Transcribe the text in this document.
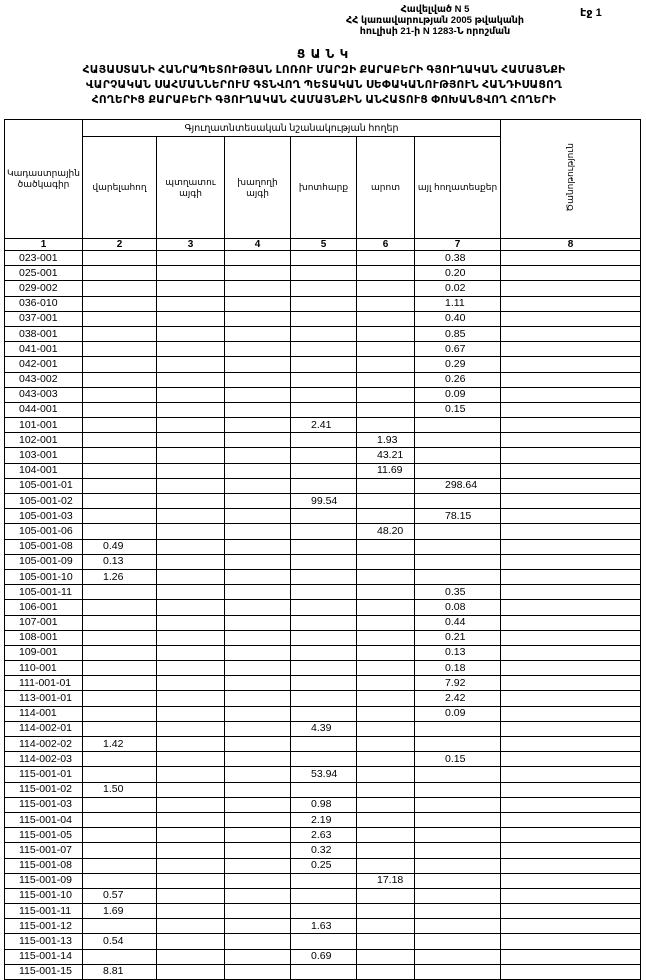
Հավելված N 5
ՀՀ կառավարության 2005 թվականի
հուլիսի 21-ի N 1283-Ն որոշման
էջ 1
Ց Ա Ն Կ
ՀԱՅԱՍՏԱՆԻ ՀԱՆՐԱՊԵՏՈՒԹՅԱՆ ԼՈՌՈՒ ՄԱՐԶԻ ՔԱՐԱԲԵՐԻ ԳՅՈՒՂԱԿԱՆ ՀԱՄԱՅՆՔԻ
ՎԱՐՉԱԿԱՆ ՍԱՀՄԱՆՆԵՐՈՒՄ ԳՏՆՎՈՂ ՊԵՏԱԿԱՆ ՍԵՓԱԿԱՆՈՒԹՅՈՒՆ ՀԱՆԴԻՍԱՑՈՂ
ՀՈՂԵՐԻՑ ՔԱՐԱԲԵՐԻ ԳՅՈՒՂԱԿԱՆ ՀԱՄԱՅՆՔԻՆ ԱՆՀԱՏՈՒՑ ՓՈԽԱՆՑՎՈՂ ՀՈՂԵՐԻ
Կադաստրային ծածկագիր	Գյուղատնտեսական նշանակության հողեր						Ծանոթություն
	վարելահող	պտղատու այգի	խաղողի այգի	խոտհարք	արոտ	այլ հողատեսքեր	
1	2	3	4	5	6	7	8
023-001						0.38	
025-001						0.20	
029-002						0.02	
036-010						1.11	
037-001						0.40	
038-001						0.85	
041-001						0.67	
042-001						0.29	
043-002						0.26	
043-003						0.09	
044-001						0.15	
101-001				2.41			
102-001					1.93		
103-001					43.21		
104-001					11.69		
105-001-01						298.64	
105-001-02				99.54			
105-001-03						78.15	
105-001-06					48.20		
105-001-08	0.49						
105-001-09	0.13						
105-001-10	1.26						
105-001-11						0.35	
106-001						0.08	
107-001						0.44	
108-001						0.21	
109-001						0.13	
110-001						0.18	
111-001-01						7.92	
113-001-01						2.42	
114-001						0.09	
114-002-01				4.39			
114-002-02	1.42						
114-002-03						0.15	
115-001-01				53.94			
115-001-02	1.50						
115-001-03				0.98			
115-001-04				2.19			
115-001-05				2.63			
115-001-07				0.32			
115-001-08				0.25			
115-001-09					17.18		
115-001-10	0.57						
115-001-11	1.69						
115-001-12				1.63			
115-001-13	0.54						
115-001-14				0.69			
115-001-15	8.81						
